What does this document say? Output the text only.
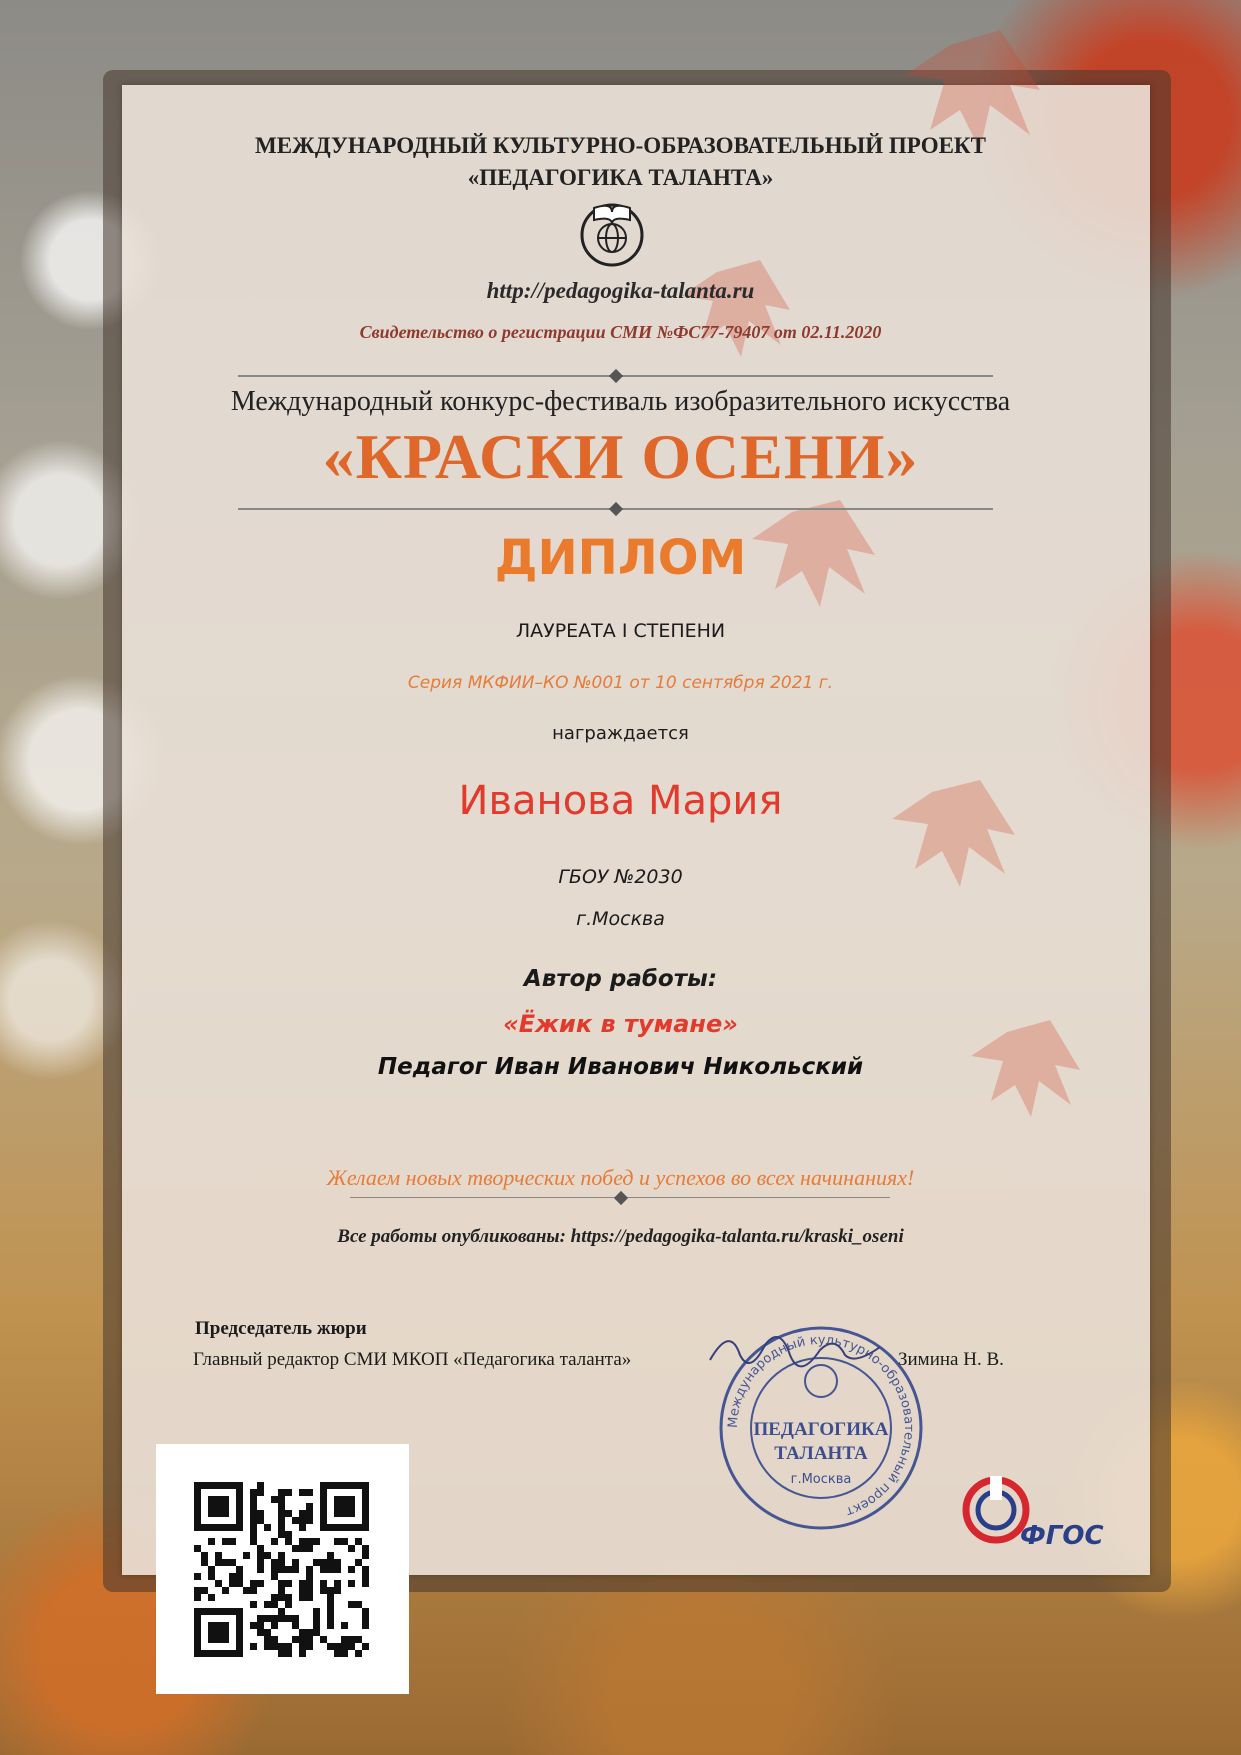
МЕЖДУНАРОДНЫЙ КУЛЬТУРНО-ОБРАЗОВАТЕЛЬНЫЙ ПРОЕКТ
«ПЕДАГОГИКА ТАЛАНТА»

http://pedagogika-talanta.ru

Свидетельство о регистрации СМИ №ФС77-79407 от 02.11.2020

Международный конкурс-фестиваль изобразительного искусства

«КРАСКИ ОСЕНИ»

ДИПЛОМ

ЛАУРЕАТА I СТЕПЕНИ

Серия МКФИИ–КО №001 от 10 сентября 2021 г.

награждается

Иванова Мария

ГБОУ №2030

г.Москва

Автор работы:

«Ёжик в тумане»

Педагог Иван Иванович Никольский

Желаем новых творческих побед и успехов во всех начинаниях!

Все работы опубликованы: https://pedagogika-talanta.ru/kraski_oseni

Председатель жюри

Главный редактор СМИ МКОП «Педагогика таланта»	Зимина Н. В.

Международный культурно-образовательный проект
ПЕДАГОГИКА
ТАЛАНТА
г.Москва
ФГОС
